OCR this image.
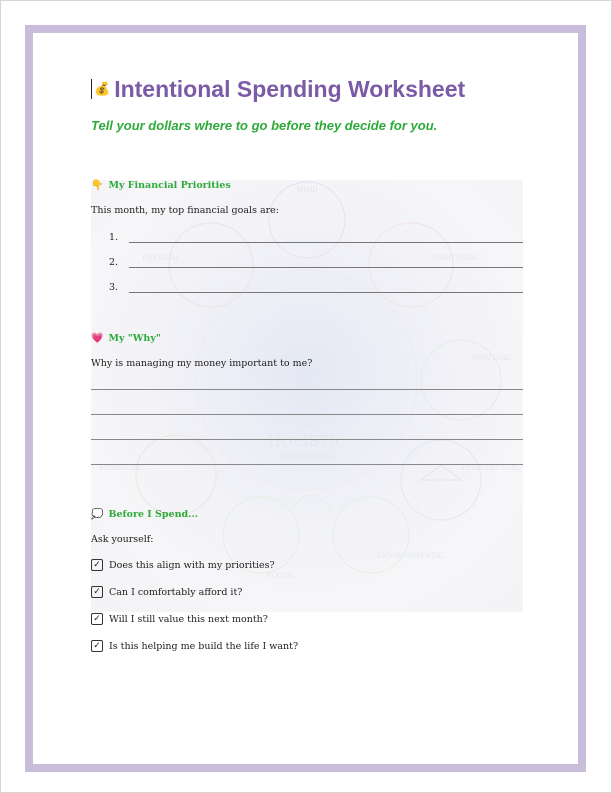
💰 Intentional Spending Worksheet
Tell your dollars where to go before they decide for you.
MIND
PHYSICAL	EMOTIONAL
SPIRITUAL
THE
HOLISTIC
ECOSYSTEM
FINANCIAL	INTELLECTUAL
ENVIRONMENTAL
SOCIAL
👇 My Financial Priorities
This month, my top financial goals are:
1.
2.
3.
💗 My "Why"
Why is managing my money important to me?
💭 Before I Spend...
Ask yourself:
✓ Does this align with my priorities?
✓ Can I comfortably afford it?
✓ Will I still value this next month?
✓ Is this helping me build the life I want?
